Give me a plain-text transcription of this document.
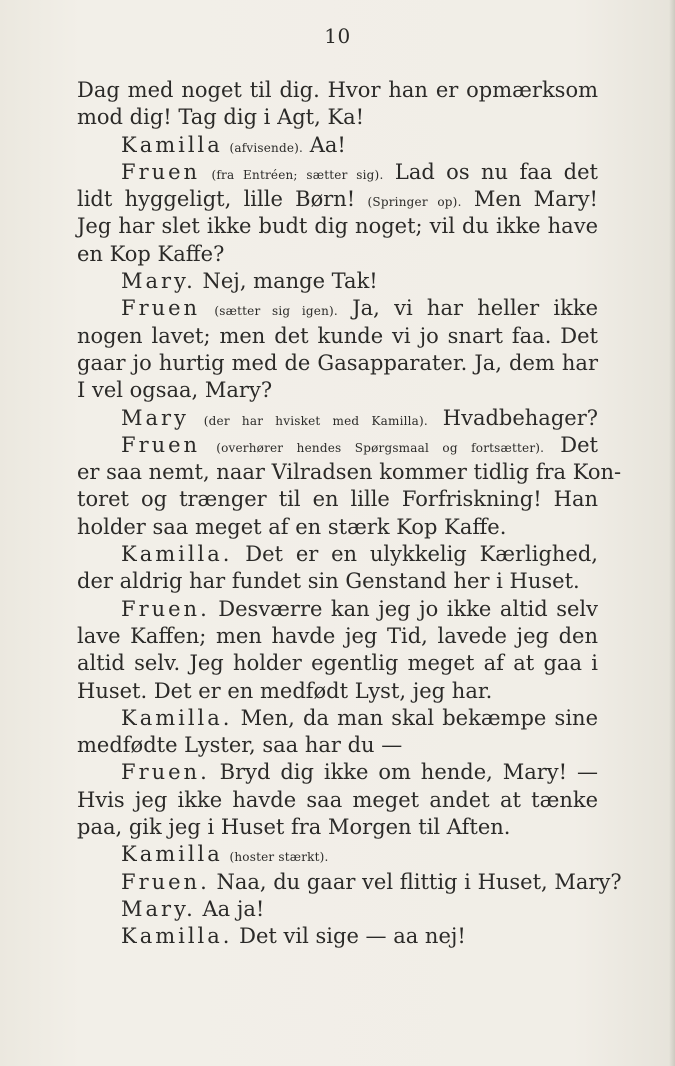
10
Dag med noget til dig. Hvor han er opmærksom
mod dig! Tag dig i Agt, Ka!
Kamilla (afvisende). Aa!
Fruen (fra Entréen; sætter sig). Lad os nu faa det
lidt hyggeligt, lille Børn! (Springer op). Men Mary!
Jeg har slet ikke budt dig noget; vil du ikke have
en Kop Kaffe?
Mary. Nej, mange Tak!
Fruen (sætter sig igen). Ja, vi har heller ikke
nogen lavet; men det kunde vi jo snart faa. Det
gaar jo hurtig med de Gasapparater. Ja, dem har
I vel ogsaa, Mary?
Mary (der har hvisket med Kamilla). Hvadbehager?
Fruen (overhører hendes Spørgsmaal og fortsætter). Det
er saa nemt, naar Vilradsen kommer tidlig fra Kon-
toret og trænger til en lille Forfriskning! Han
holder saa meget af en stærk Kop Kaffe.
Kamilla. Det er en ulykkelig Kærlighed,
der aldrig har fundet sin Genstand her i Huset.
Fruen. Desværre kan jeg jo ikke altid selv
lave Kaffen; men havde jeg Tid, lavede jeg den
altid selv. Jeg holder egentlig meget af at gaa i
Huset. Det er en medfødt Lyst, jeg har.
Kamilla. Men, da man skal bekæmpe sine
medfødte Lyster, saa har du —
Fruen. Bryd dig ikke om hende, Mary! —
Hvis jeg ikke havde saa meget andet at tænke
paa, gik jeg i Huset fra Morgen til Aften.
Kamilla (hoster stærkt).
Fruen. Naa, du gaar vel flittig i Huset, Mary?
Mary. Aa ja!
Kamilla. Det vil sige — aa nej!
